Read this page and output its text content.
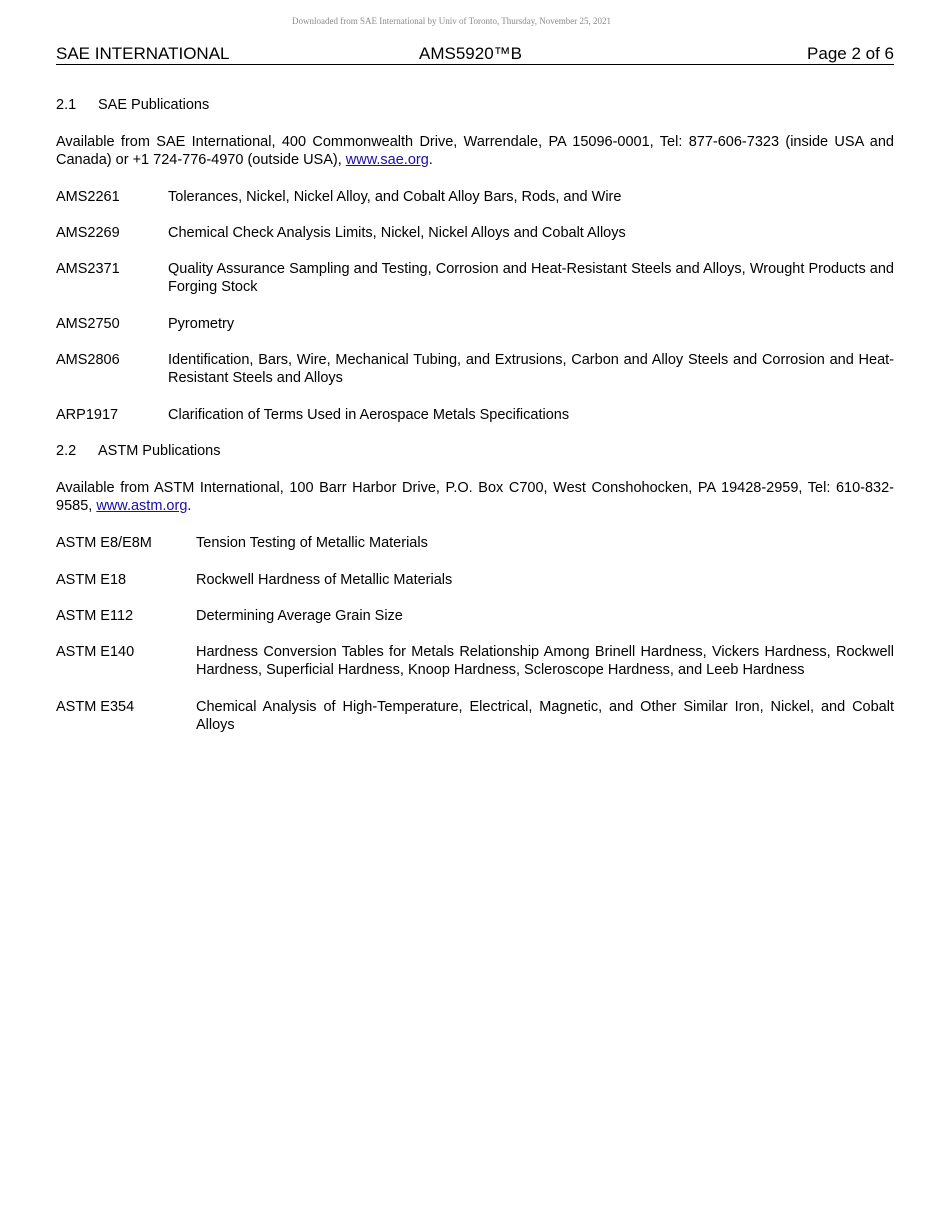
Downloaded from SAE International by Univ of Toronto, Thursday, November 25, 2021
SAE INTERNATIONAL	AMS5920™B	Page 2 of 6
2.1	SAE Publications
Available from SAE International, 400 Commonwealth Drive, Warrendale, PA 15096-0001, Tel: 877-606-7323 (inside USA and Canada) or +1 724-776-4970 (outside USA), www.sae.org.
AMS2261	Tolerances, Nickel, Nickel Alloy, and Cobalt Alloy Bars, Rods, and Wire
AMS2269	Chemical Check Analysis Limits, Nickel, Nickel Alloys and Cobalt Alloys
AMS2371	Quality Assurance Sampling and Testing, Corrosion and Heat-Resistant Steels and Alloys, Wrought Products and Forging Stock
AMS2750	Pyrometry
AMS2806	Identification, Bars, Wire, Mechanical Tubing, and Extrusions, Carbon and Alloy Steels and Corrosion and Heat-Resistant Steels and Alloys
ARP1917	Clarification of Terms Used in Aerospace Metals Specifications
2.2	ASTM Publications
Available from ASTM International, 100 Barr Harbor Drive, P.O. Box C700, West Conshohocken, PA 19428-2959, Tel: 610-832-9585, www.astm.org.
ASTM E8/E8M	Tension Testing of Metallic Materials
ASTM E18	Rockwell Hardness of Metallic Materials
ASTM E112	Determining Average Grain Size
ASTM E140	Hardness Conversion Tables for Metals Relationship Among Brinell Hardness, Vickers Hardness, Rockwell Hardness, Superficial Hardness, Knoop Hardness, Scleroscope Hardness, and Leeb Hardness
ASTM E354	Chemical Analysis of High-Temperature, Electrical, Magnetic, and Other Similar Iron, Nickel, and Cobalt Alloys
